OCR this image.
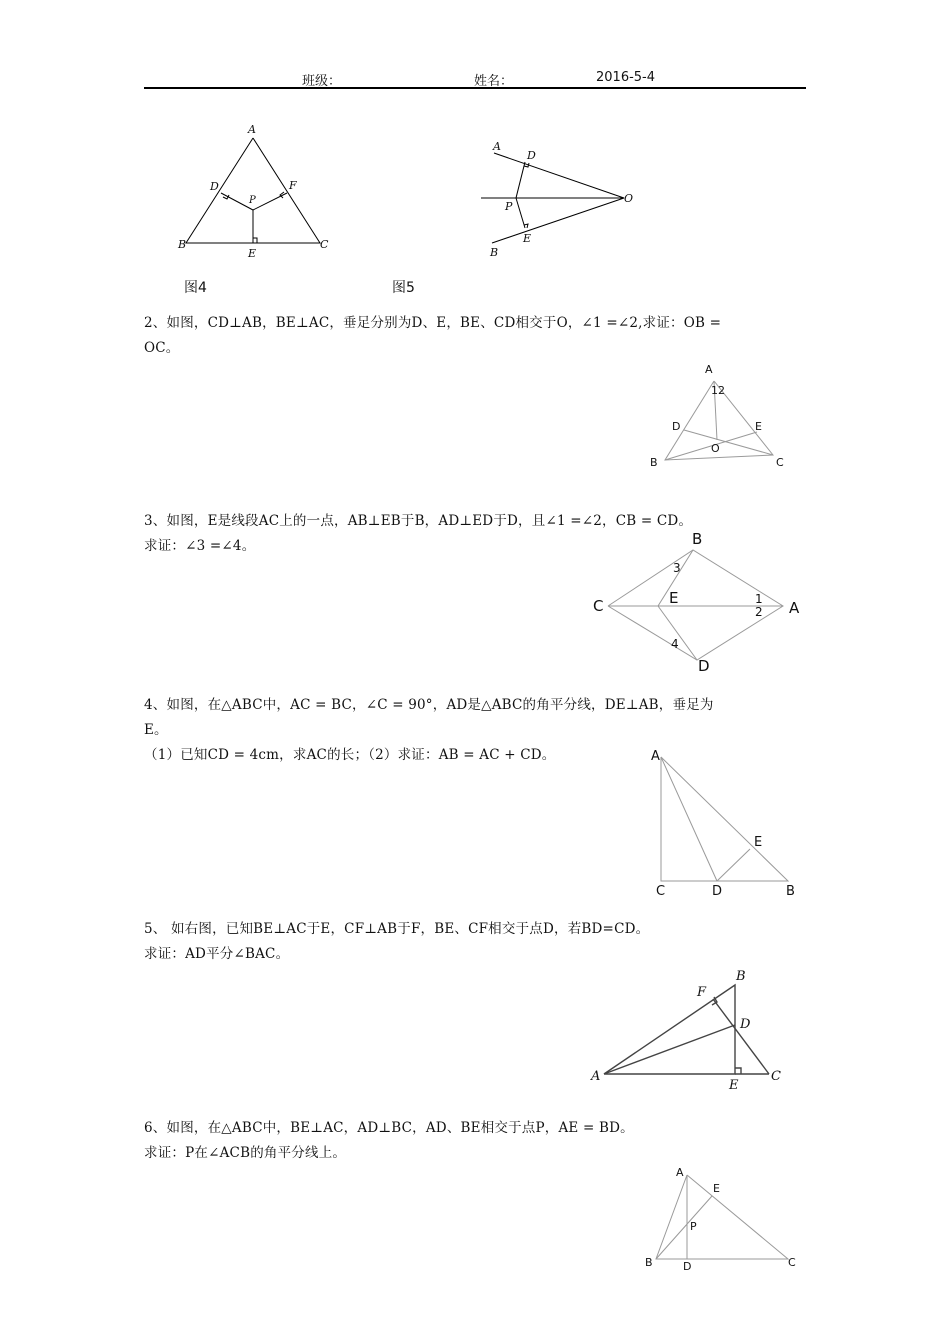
班级：	姓名：	2016-5-4
A
B	C
D
E
F
P
A
B
D
E
O
P
A
12
D	E
O
B	C
B
C	E
A
D
1
2
3
4
A
E
C	D	B
B
F
D
A
E
C
A
E
P
B	D	C
图4	图5
2、如图，CD⊥AB，BE⊥AC，垂足分别为D、E，BE、CD相交于O，∠1 =∠2,求证：OB =
OC。
3、如图，E是线段AC上的一点，AB⊥EB于B，AD⊥ED于D，且∠1 =∠2，CB = CD。
求证：∠3 =∠4。
4、如图，在△ABC中，AC = BC，∠C = 90°，AD是△ABC的角平分线，DE⊥AB，垂足为
E。
（1）已知CD = 4cm，求AC的长；（2）求证：AB = AC + CD。
5、 如右图，已知BE⊥AC于E，CF⊥AB于F，BE、CF相交于点D，若BD=CD。
求证：AD平分∠BAC。
6、如图，在△ABC中，BE⊥AC，AD⊥BC，AD、BE相交于点P，AE = BD。
求证：P在∠ACB的角平分线上。
